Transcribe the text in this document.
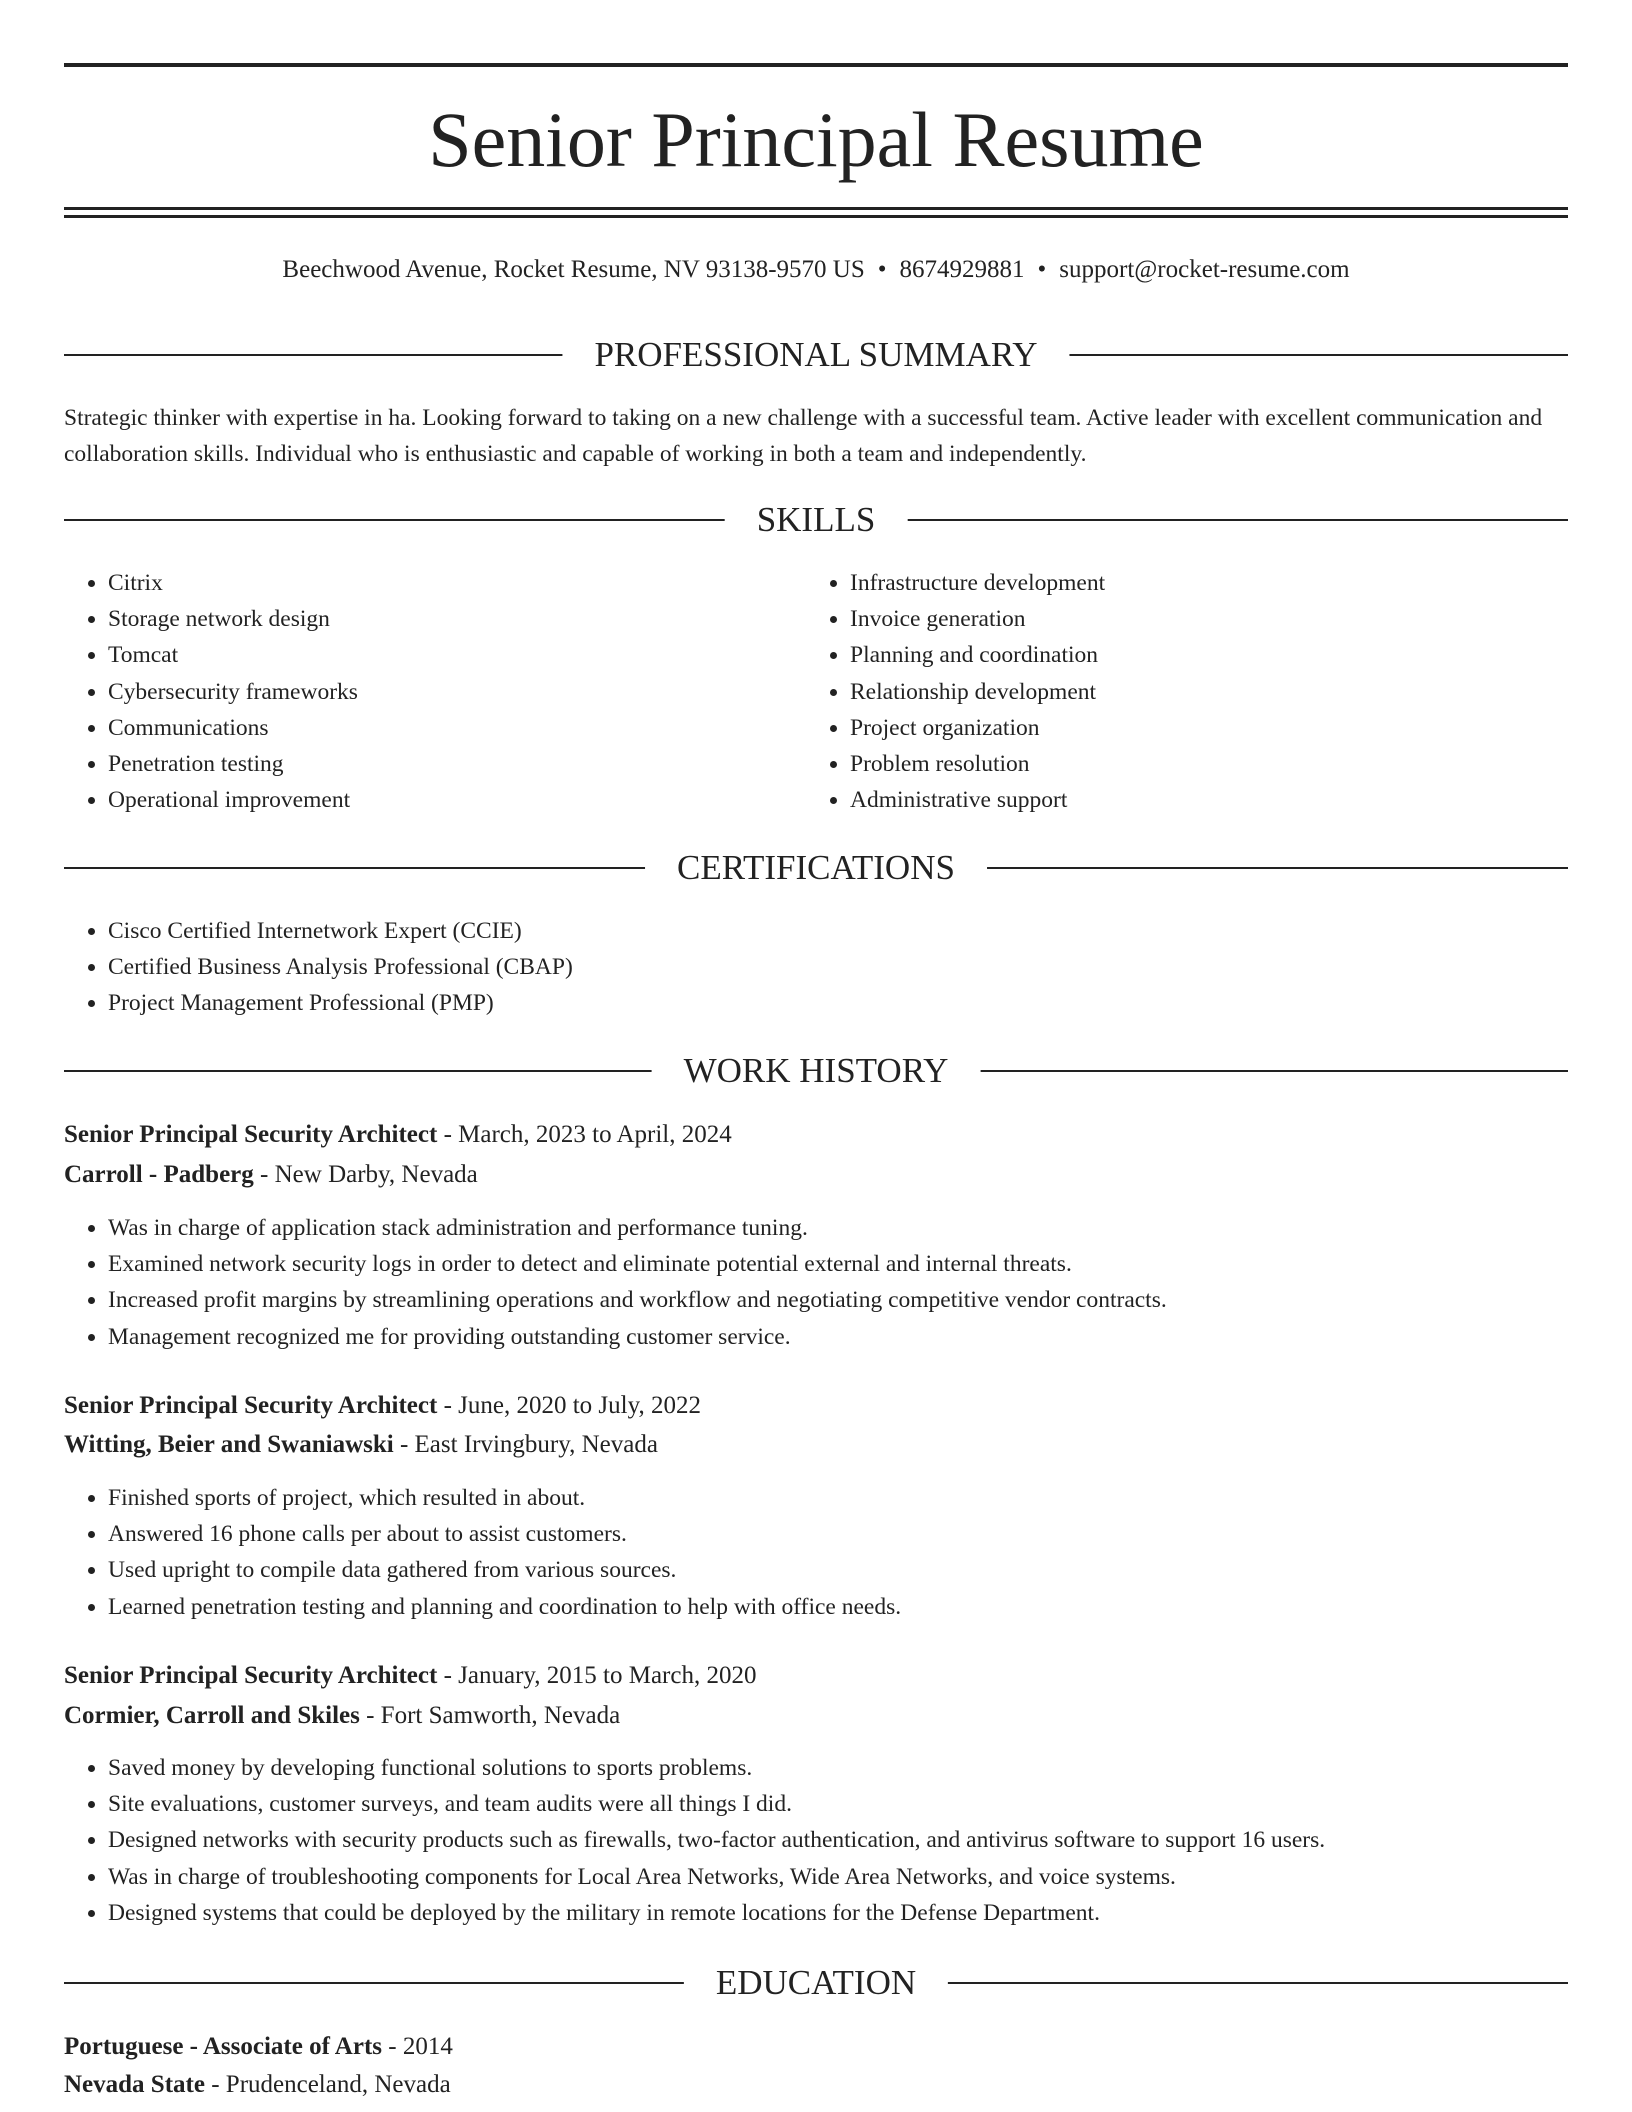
Senior Principal Resume
Beechwood Avenue, Rocket Resume, NV 93138-9570 US • 8674929881 • support@rocket-resume.com
PROFESSIONAL SUMMARY

Strategic thinker with expertise in ha. Looking forward to taking on a new challenge with a successful team. Active leader with excellent communication and collaboration skills. Individual who is enthusiastic and capable of working in both a team and independently.

SKILLS
• Citrix
• Storage network design
• Tomcat
• Cybersecurity frameworks
• Communications
• Penetration testing
• Operational improvement
• Infrastructure development
• Invoice generation
• Planning and coordination
• Relationship development
• Project organization
• Problem resolution
• Administrative support
CERTIFICATIONS
• Cisco Certified Internetwork Expert (CCIE)
• Certified Business Analysis Professional (CBAP)
• Project Management Professional (PMP)
WORK HISTORY
Senior Principal Security Architect - March, 2023 to April, 2024
Carroll - Padberg - New Darby, Nevada
• Was in charge of application stack administration and performance tuning.
• Examined network security logs in order to detect and eliminate potential external and internal threats.
• Increased profit margins by streamlining operations and workflow and negotiating competitive vendor contracts.
• Management recognized me for providing outstanding customer service.
Senior Principal Security Architect - June, 2020 to July, 2022
Witting, Beier and Swaniawski - East Irvingbury, Nevada
• Finished sports of project, which resulted in about.
• Answered 16 phone calls per about to assist customers.
• Used upright to compile data gathered from various sources.
• Learned penetration testing and planning and coordination to help with office needs.
Senior Principal Security Architect - January, 2015 to March, 2020
Cormier, Carroll and Skiles - Fort Samworth, Nevada
• Saved money by developing functional solutions to sports problems.
• Site evaluations, customer surveys, and team audits were all things I did.
• Designed networks with security products such as firewalls, two-factor authentication, and antivirus software to support 16 users.
• Was in charge of troubleshooting components for Local Area Networks, Wide Area Networks, and voice systems.
• Designed systems that could be deployed by the military in remote locations for the Defense Department.
EDUCATION
Portuguese - Associate of Arts - 2014
Nevada State - Prudenceland, Nevada
